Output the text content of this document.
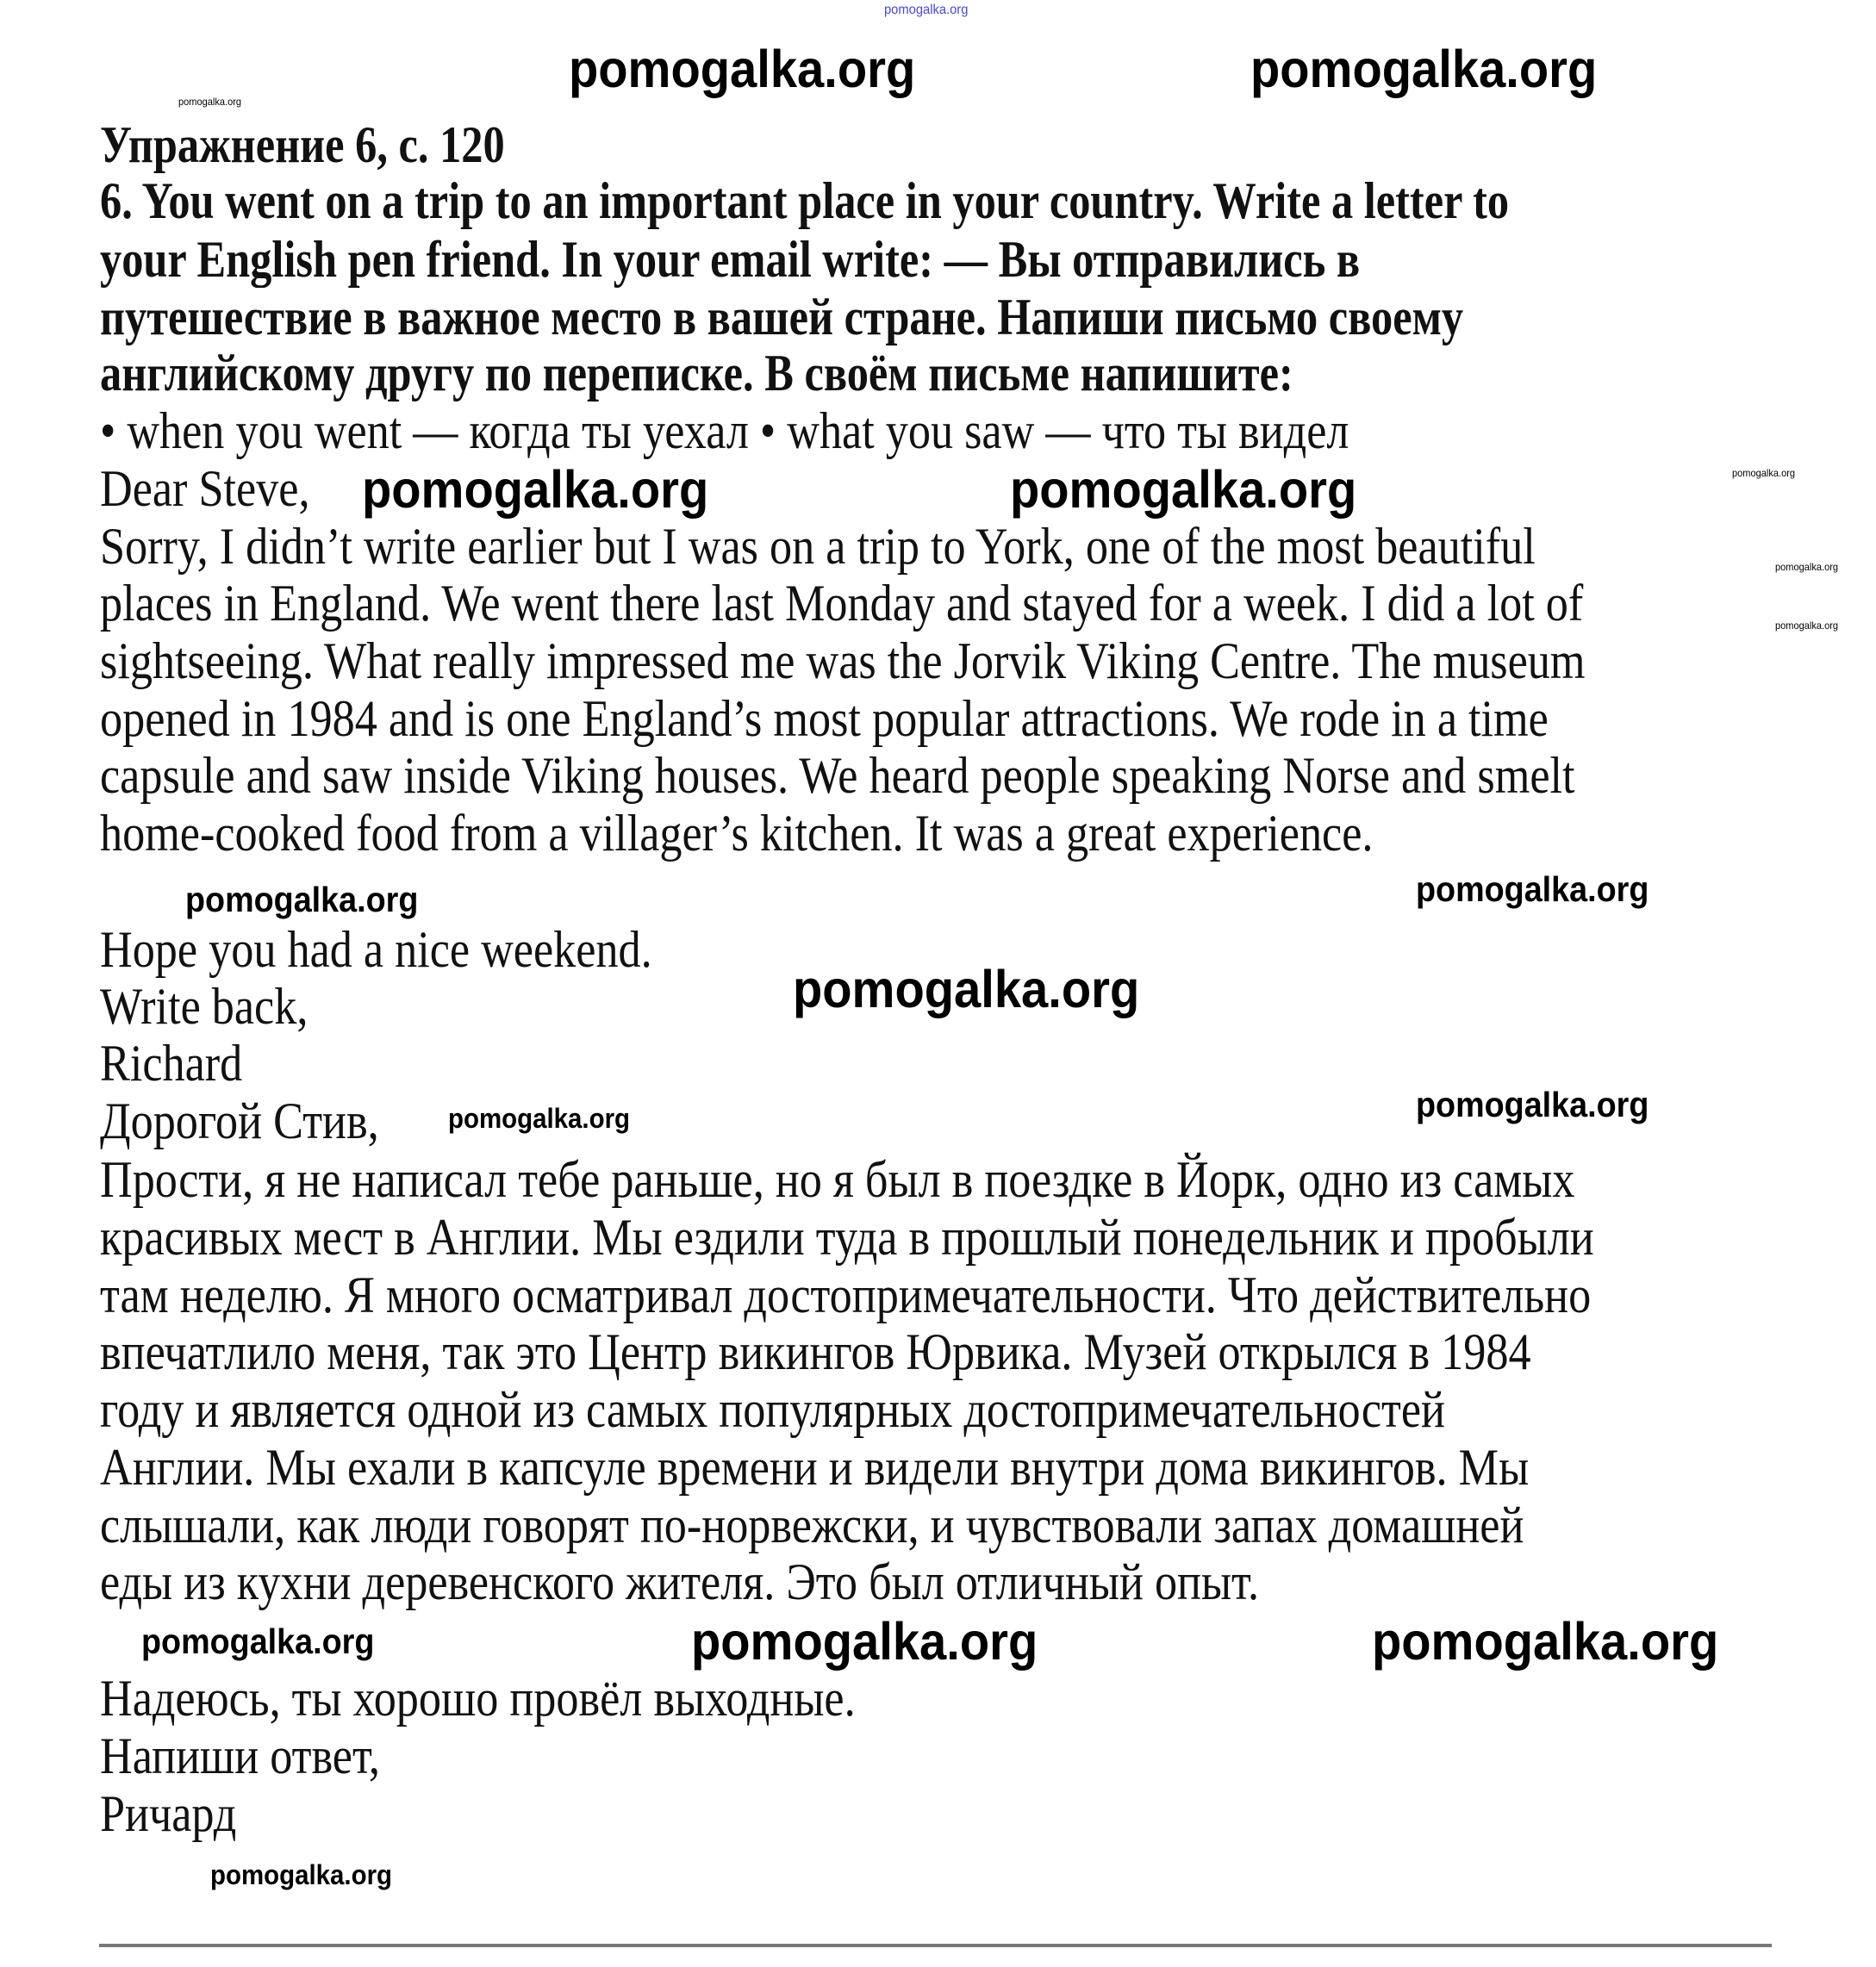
pomogalka.org
pomogalka.org	pomogalka.org
pomogalka.org	pomogalka.org
pomogalka.org
pomogalka.org	pomogalka.org
pomogalka.org	pomogalka.org
pomogalka.org
pomogalka.org
pomogalka.org
pomogalka.org
pomogalka.org
pomogalka.org
pomogalka.org
pomogalka.org
Упражнение 6, с. 120
6. You went on a trip to an important place in your country. Write a letter to
your English pen friend. In your email write: — Вы отправились в
путешествие в важное место в вашей стране. Напиши письмо своему
английскому другу по переписке. В своём письме напишите:
• when you went — когда ты уехал • what you saw — что ты видел
Dear Steve,
Sorry, I didn’t write earlier but I was on a trip to York, one of the most beautiful
places in England. We went there last Monday and stayed for a week. I did a lot of
sightseeing. What really impressed me was the Jorvik Viking Centre. The museum
opened in 1984 and is one England’s most popular attractions. We rode in a time
capsule and saw inside Viking houses. We heard people speaking Norse and smelt
home-cooked food from a villager’s kitchen. It was a great experience.
Hope you had a nice weekend.
Write back,
Richard
Дорогой Стив,
Прости, я не написал тебе раньше, но я был в поездке в Йорк, одно из самых
красивых мест в Англии. Мы ездили туда в прошлый понедельник и пробыли
там неделю. Я много осматривал достопримечательности. Что действительно
впечатлило меня, так это Центр викингов Юрвика. Музей открылся в 1984
году и является одной из самых популярных достопримечательностей
Англии. Мы ехали в капсуле времени и видели внутри дома викингов. Мы
слышали, как люди говорят по-норвежски, и чувствовали запах домашней
еды из кухни деревенского жителя. Это был отличный опыт.
Надеюсь, ты хорошо провёл выходные.
Напиши ответ,
Ричард
